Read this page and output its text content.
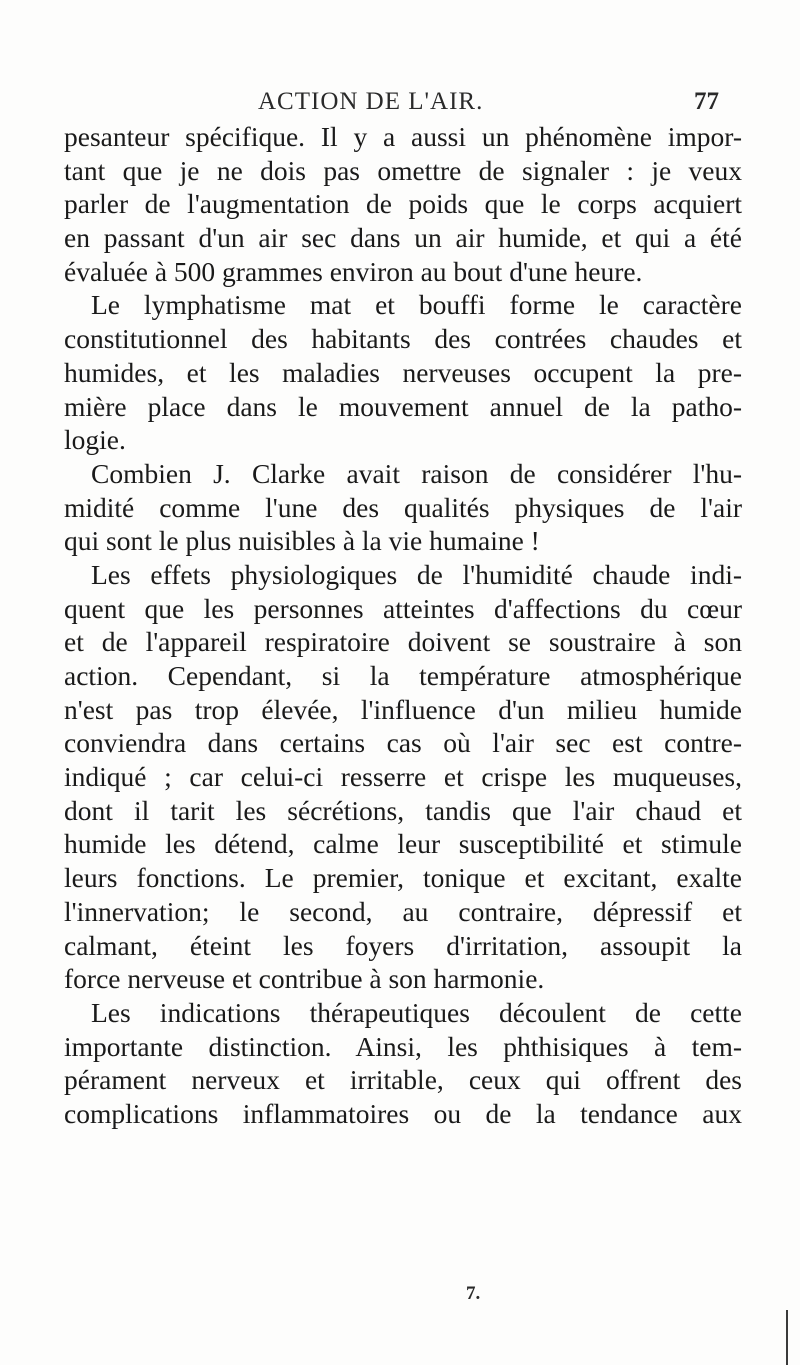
ACTION DE L'AIR.	77
pesanteur spécifique. Il y a aussi un phénomène impor-
tant que je ne dois pas omettre de signaler : je veux
parler de l'augmentation de poids que le corps acquiert
en passant d'un air sec dans un air humide, et qui a été
évaluée à 500 grammes environ au bout d'une heure.
Le lymphatisme mat et bouffi forme le caractère
constitutionnel des habitants des contrées chaudes et
humides, et les maladies nerveuses occupent la pre-
mière place dans le mouvement annuel de la patho-
logie.
Combien J. Clarke avait raison de considérer l'hu-
midité comme l'une des qualités physiques de l'air
qui sont le plus nuisibles à la vie humaine !
Les effets physiologiques de l'humidité chaude indi-
quent que les personnes atteintes d'affections du cœur
et de l'appareil respiratoire doivent se soustraire à son
action. Cependant, si la température atmosphérique
n'est pas trop élevée, l'influence d'un milieu humide
conviendra dans certains cas où l'air sec est contre-
indiqué ; car celui-ci resserre et crispe les muqueuses,
dont il tarit les sécrétions, tandis que l'air chaud et
humide les détend, calme leur susceptibilité et stimule
leurs fonctions. Le premier, tonique et excitant, exalte
l'innervation; le second, au contraire, dépressif et
calmant, éteint les foyers d'irritation, assoupit la
force nerveuse et contribue à son harmonie.
Les indications thérapeutiques découlent de cette
importante distinction. Ainsi, les phthisiques à tem-
pérament nerveux et irritable, ceux qui offrent des
complications inflammatoires ou de la tendance aux
7.
